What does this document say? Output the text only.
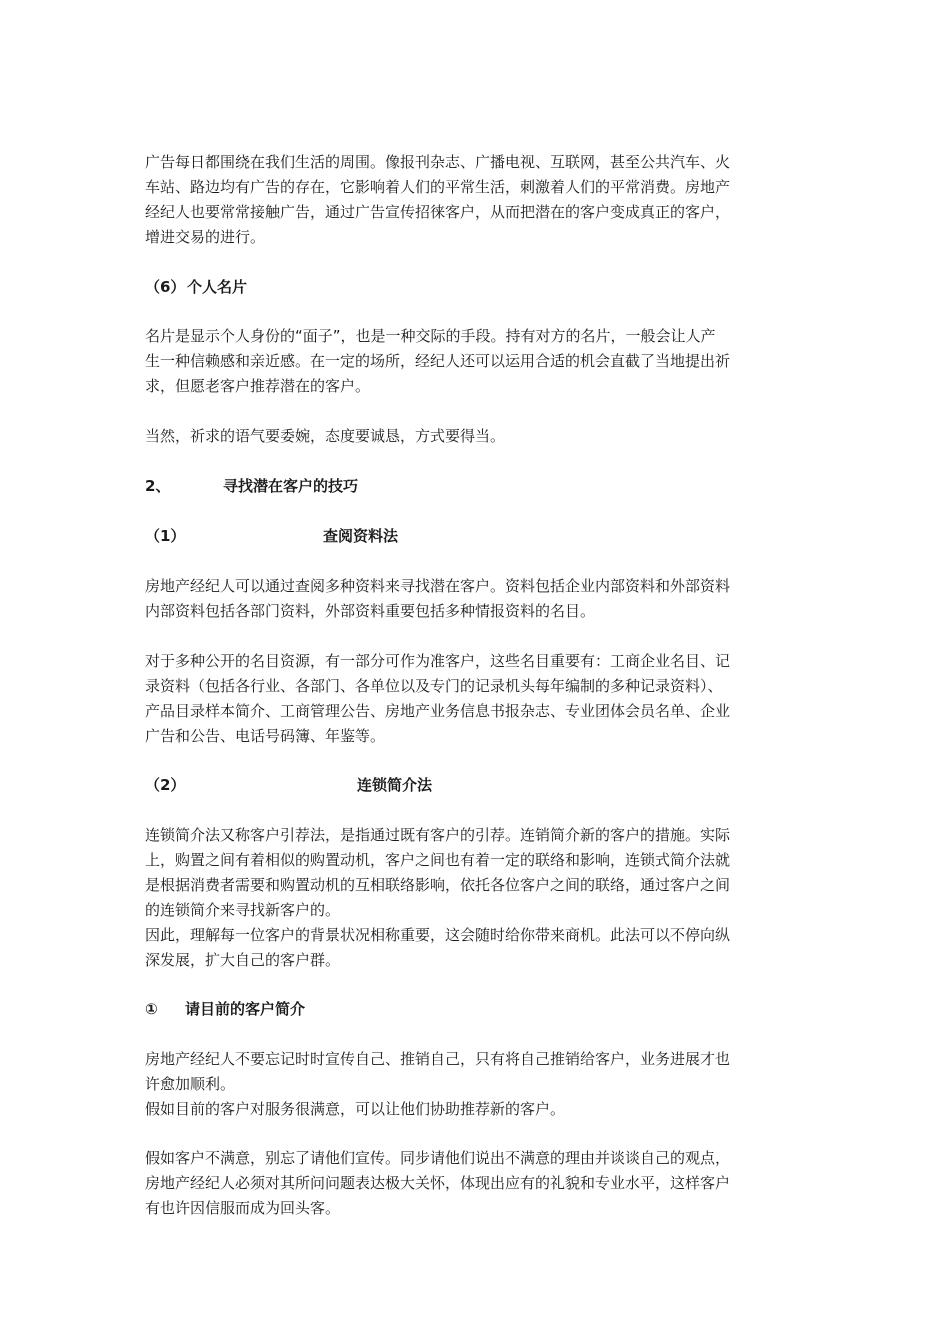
广告每日都围绕在我们生活的周围。像报刊杂志、广播电视、互联网，甚至公共汽车、火
车站、路边均有广告的存在，它影响着人们的平常生活，刺激着人们的平常消费。房地产
经纪人也要常常接触广告，通过广告宣传招徕客户，从而把潜在的客户变成真正的客户，
增进交易的进行。
（6） 个人名片
名片是显示个人身份的“面子”，也是一种交际的手段。持有对方的名片，一般会让人产
生一种信赖感和亲近感。在一定的场所，经纪人还可以运用合适的机会直截了当地提出祈
求，但愿老客户推荐潜在的客户。
当然，祈求的语气要委婉，态度要诚恳，方式要得当。
2、	寻找潜在客户的技巧
（1）	查阅资料法
房地产经纪人可以通过查阅多种资料来寻找潜在客户。资料包括企业内部资料和外部资料
内部资料包括各部门资料，外部资料重要包括多种情报资料的名目。
对于多种公开的名目资源，有一部分可作为准客户，这些名目重要有：工商企业名目、记
录资料（包括各行业、各部门、各单位以及专门的记录机头每年编制的多种记录资料）、
产品目录样本简介、工商管理公告、房地产业务信息书报杂志、专业团体会员名单、企业
广告和公告、电话号码簿、年鉴等。
（2）	连锁简介法
连锁简介法又称客户引荐法，是指通过既有客户的引荐。连销简介新的客户的措施。实际
上，购置之间有着相似的购置动机，客户之间也有着一定的联络和影响，连锁式简介法就
是根据消费者需要和购置动机的互相联络影响，依托各位客户之间的联络，通过客户之间
的连锁简介来寻找新客户的。
因此，理解每一位客户的背景状况相称重要，这会随时给你带来商机。此法可以不停向纵
深发展，扩大自己的客户群。
① 请目前的客户简介
房地产经纪人不要忘记时时宣传自己、推销自己，只有将自己推销给客户，业务进展才也
许愈加顺利。
假如目前的客户对服务很满意，可以让他们协助推荐新的客户。
假如客户不满意，别忘了请他们宣传。同步请他们说出不满意的理由并谈谈自己的观点，
房地产经纪人必须对其所问问题表达极大关怀，体现出应有的礼貌和专业水平，这样客户
有也许因信服而成为回头客。
